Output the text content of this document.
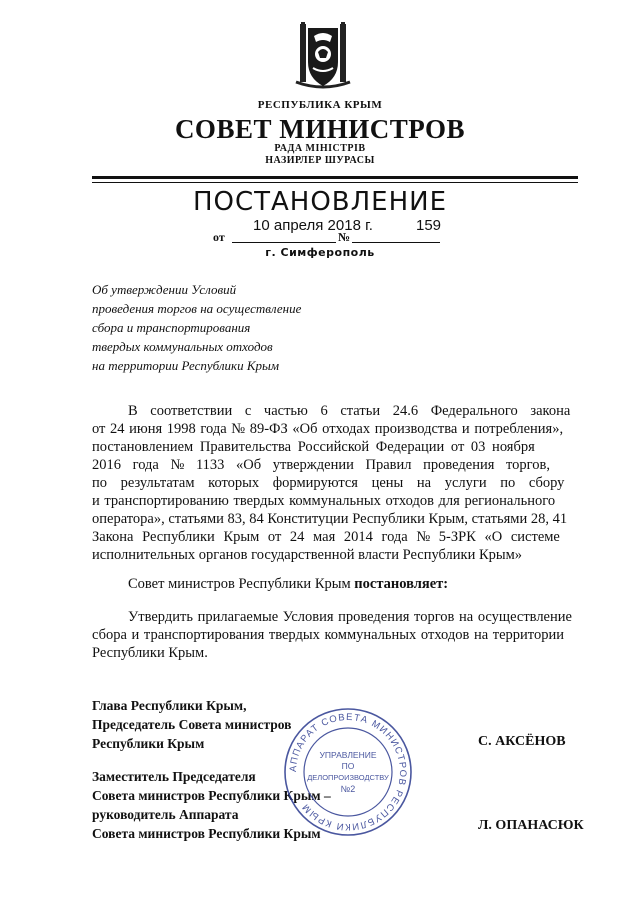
РЕСПУБЛИКА КРЫМ
СОВЕТ МИНИСТРОВ
РАДА МІНІСТРІВ
НАЗИРЛЕР ШУРАСЫ
ПОСТАНОВЛЕНИЕ
10 апреля 2018 г.	159
от	№
г. Симферополь
Об утверждении Условий
проведения торгов на осуществление
сбора и транспортирования
твердых коммунальных отходов
на территории Республики Крым
В соответствии с частью 6 статьи 24.6 Федерального закона
от 24 июня 1998 года № 89-ФЗ «Об отходах производства и потребления»,
постановлением Правительства Российской Федерации от 03 ноября
2016 года № 1133 «Об утверждении Правил проведения торгов,
по результатам которых формируются цены на услуги по сбору
и транспортированию твердых коммунальных отходов для регионального
оператора», статьями 83, 84 Конституции Республики Крым, статьями 28, 41
Закона Республики Крым от 24 мая 2014 года № 5-ЗРК «О системе
исполнительных органов государственной власти Республики Крым»
Совет министров Республики Крым постановляет:
Утвердить прилагаемые Условия проведения торгов на осуществление
сбора и транспортирования твердых коммунальных отходов на территории
Республики Крым.
Глава Республики Крым,
Председатель Совета министров
Республики Крым	С. АКСЁНОВ
Заместитель Председателя
Совета министров Республики Крым –
руководитель Аппарата
Совета министров Республики Крым
Л. ОПАНАСЮК
АППАРАТ СОВЕТА МИНИСТРОВ РЕСПУБЛИКИ КРЫМ
УПРАВЛЕНИЕ
ПО
ДЕЛОПРОИЗВОДСТВУ
№2
